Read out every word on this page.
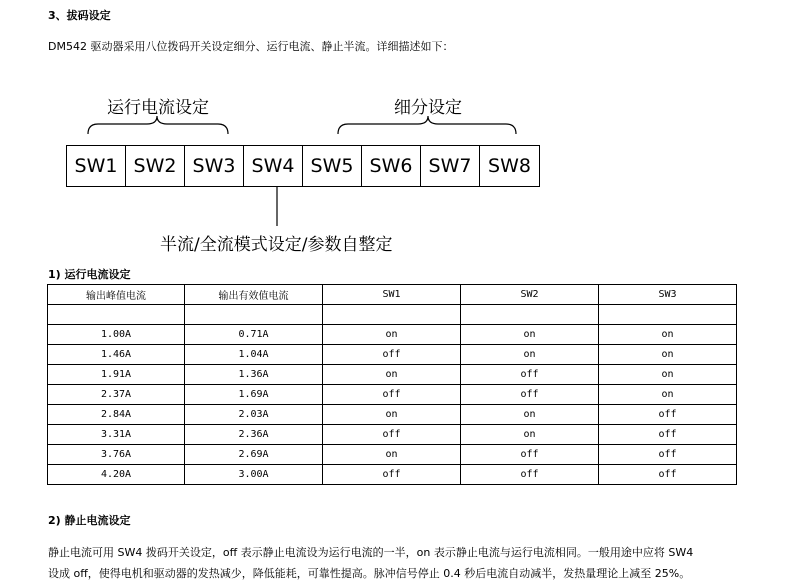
3、拔码设定
DM542 驱动器采用八位拨码开关设定细分、运行电流、静止半流。详细描述如下：
运行电流设定	细分设定
SW1 SW2 SW3 SW4 SW5 SW6 SW7 SW8
半流/全流模式设定/参数自整定
1) 运行电流设定
输出峰值电流	输出有效值电流	SW1	SW2	SW3

1.00A	0.71A	on	on	on
1.46A	1.04A	off	on	on
1.91A	1.36A	on	off	on
2.37A	1.69A	off	off	on
2.84A	2.03A	on	on	off
3.31A	2.36A	off	on	off
3.76A	2.69A	on	off	off
4.20A	3.00A	off	off	off
2) 静止电流设定
静止电流可用 SW4 拨码开关设定，off 表示静止电流设为运行电流的一半，on 表示静止电流与运行电流相同。一般用途中应将 SW4
设成 off，使得电机和驱动器的发热减少，降低能耗，可靠性提高。脉冲信号停止 0.4 秒后电流自动减半，发热量理论上减至 25%。
